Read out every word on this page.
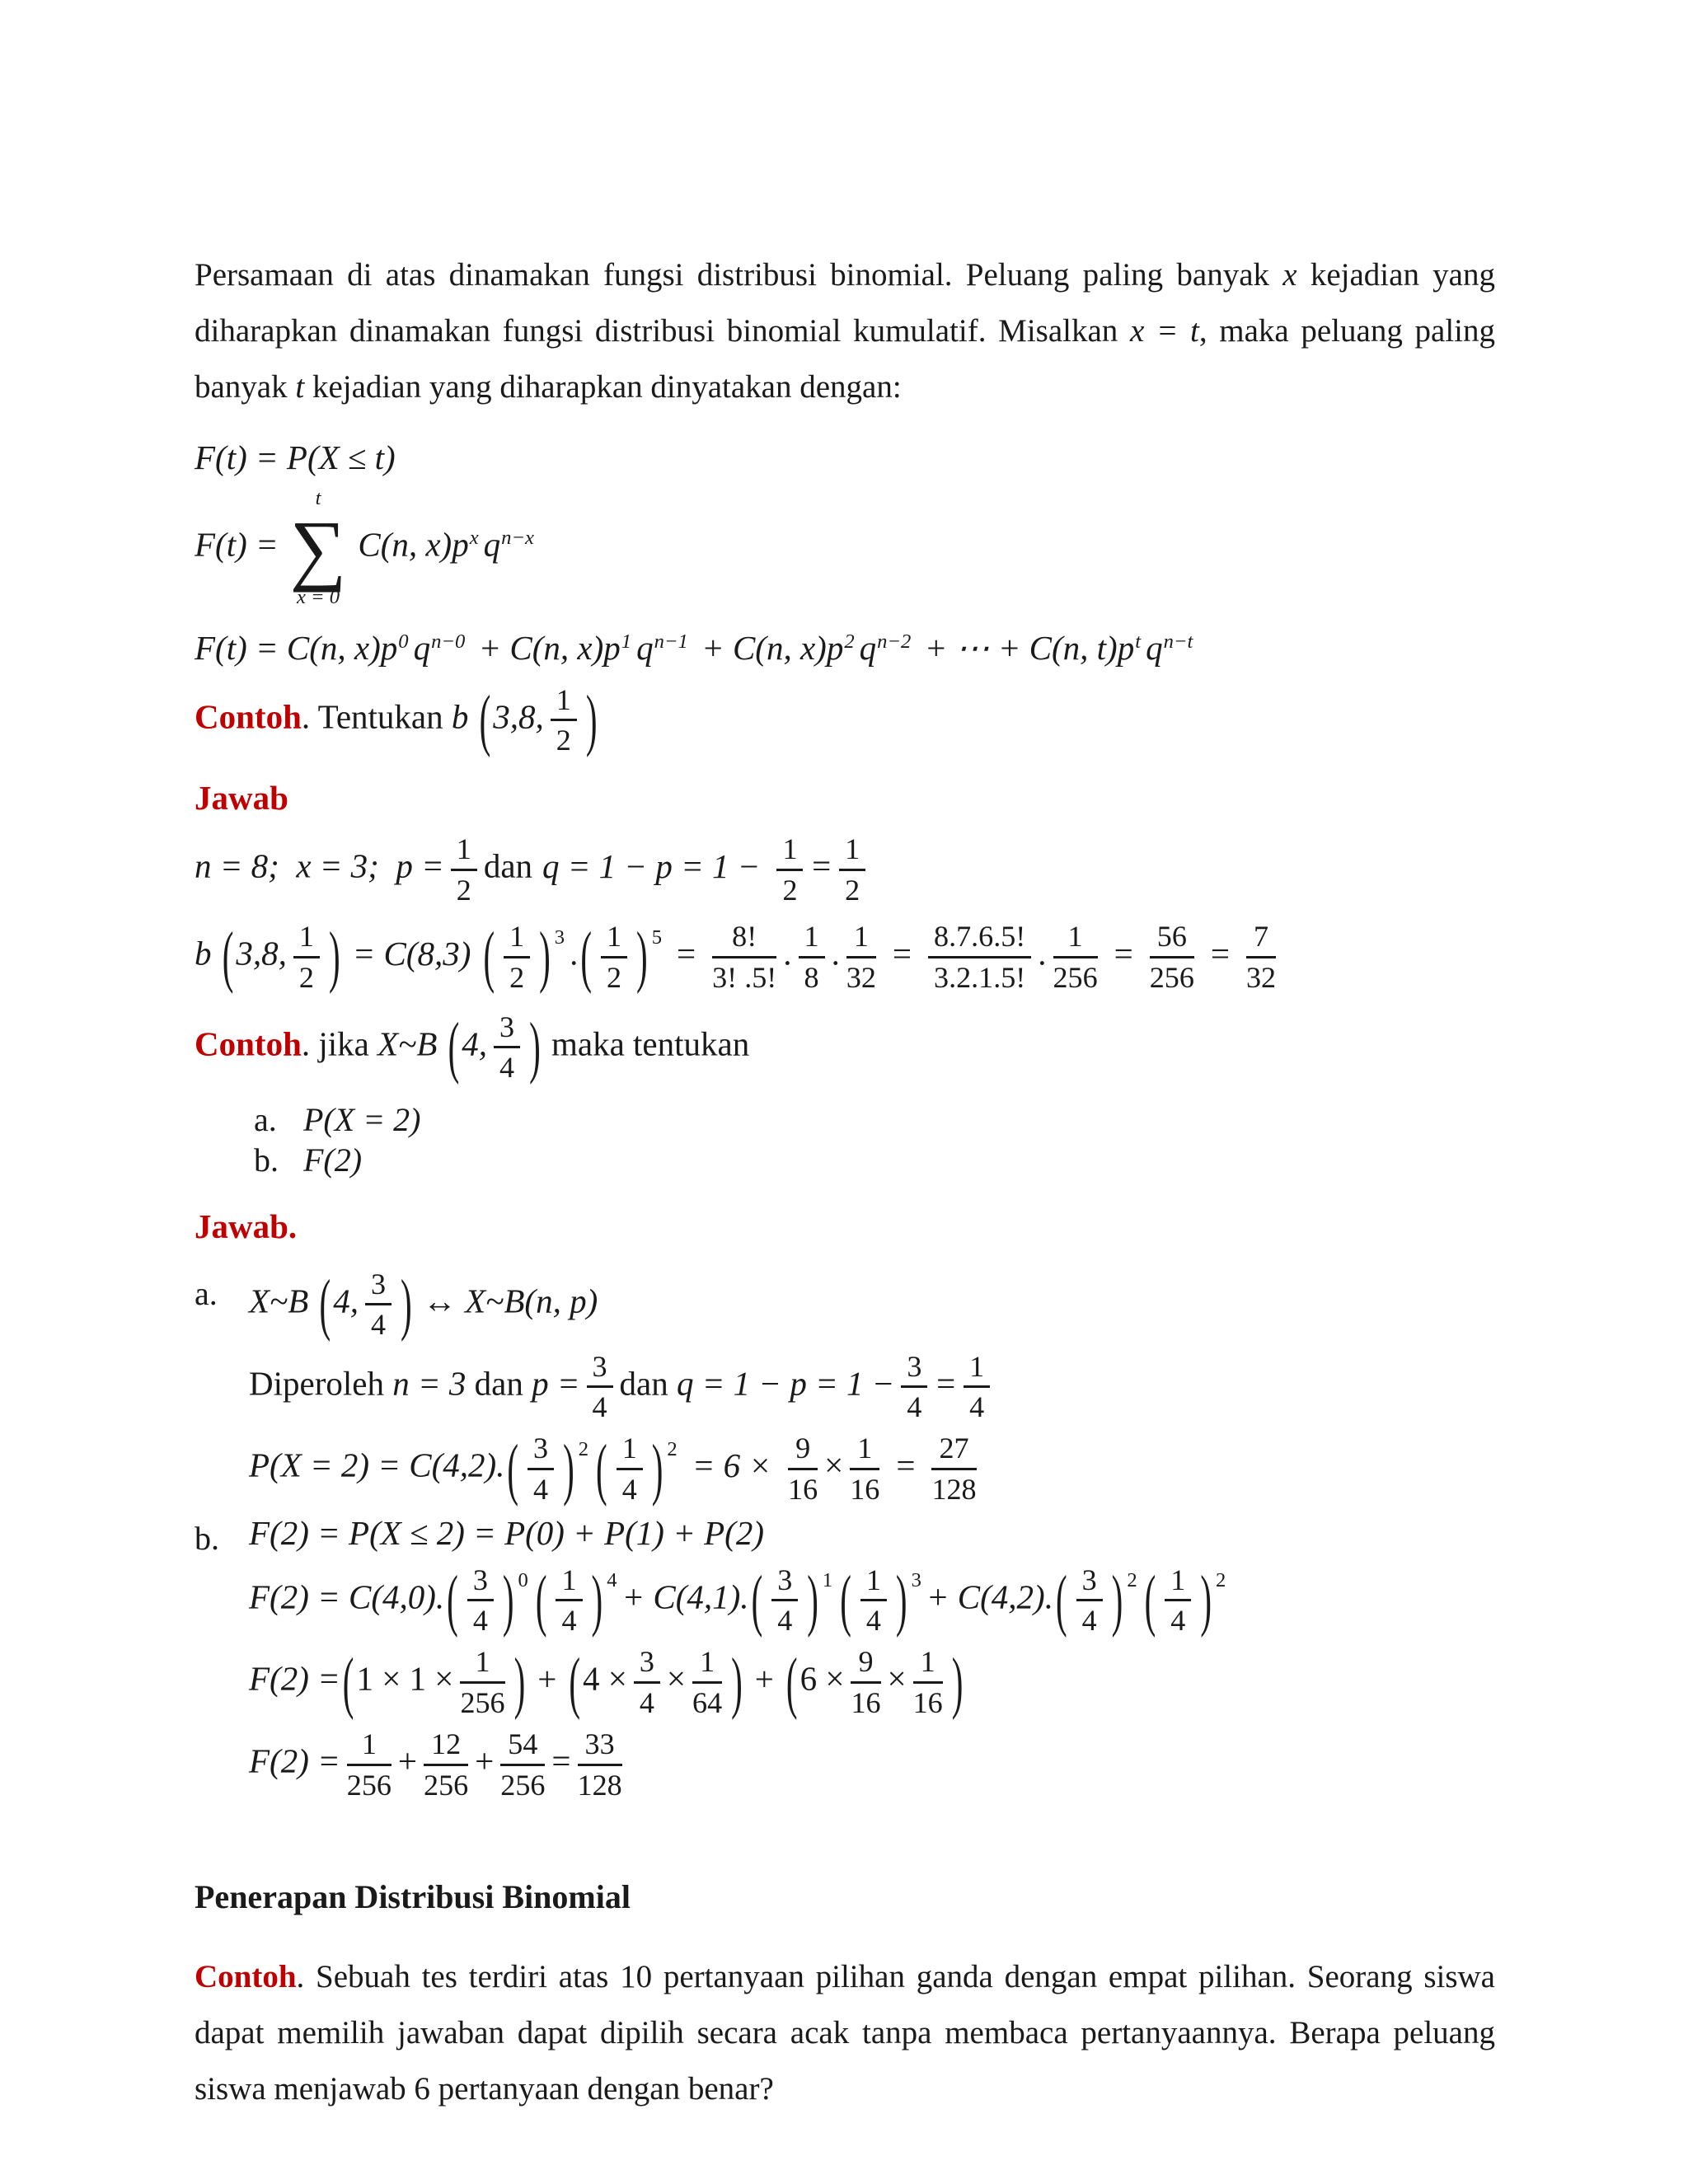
Persamaan di atas dinamakan fungsi distribusi binomial. Peluang paling banyak x kejadian yang diharapkan dinamakan fungsi distribusi binomial kumulatif. Misalkan x = t, maka peluang paling banyak t kejadian yang diharapkan dinyatakan dengan:

F(t) = P(X ≤ t)
F(t) =
t
∑
x = 0
C(n, $x)p^x$ $q^{n-x}$
F(t) = C(n, $x)p^0$ $q^{n-0} + C(n$, $x)p^1$ $q^{n-1} + C(n$, $x)p^2$ $q^{n-2}$ + ⋯ + C(n, $t)p^t$ $q^{n-t}$
Contoh. Tentukan b (3,8, $\frac{1}{2}$ )
Jawab
n = 8;  x = 3;  $p = \frac{1}{2}$ dan $q = 1 - p = 1 - \frac{1}{2} = \frac{1}{2}$
b (3,8, $\frac{1}{2}$ ) = C(8,3) ( $\frac{1}{2}$ ) 3 .( $\frac{1}{2}$ ) $5 = \frac{8!}{3! .5!}$ . $\frac{1}{8}$ . $\frac{1}{32} = \frac{8.7.6.5!}{3.2.1.5!}$ . $\frac{1}{256} = \frac{56}{256} = \frac{7}{32}$
Contoh. jika X~B (4, $\frac{3}{4}$ ) maka tentukan
a. P(X = 2)
b. F(2)
Jawab.
a. X~B (4, $\frac{3}{4}$ ) ↔ X~B(n, p)
Diperoleh n = 3 dan $p = \frac{3}{4}$ dan $q = 1 - p = 1 - \frac{3}{4} = \frac{1}{4}$
$P(X = 2) = C(4,2).( \frac{3}{4}$ ) 2 ( $\frac{1}{4}$ ) $2 = 6 \times \frac{9}{16} \times \frac{1}{16} = \frac{27}{128}$
b. F(2) = P(X ≤ 2) = P(0) + P(1) + P(2)
$F(2) = C(4,0).( \frac{3}{4}$ ) 0 ( $\frac{1}{4}$ ) $4 + C(4,1).( \frac{3}{4}$ ) 1 ( $\frac{1}{4}$ ) $3 + C(4,2).( \frac{3}{4}$ ) 2 ( $\frac{1}{4}$ ) 2
$F(2) =(1 \times 1 \times \frac{1}{256}$ ) + ($4 \times \frac{3}{4} \times \frac{1}{64}$ ) + ($6 \times \frac{9}{16} \times \frac{1}{16}$ )
$F(2) = \frac{1}{256} + \frac{12}{256} + \frac{54}{256} = \frac{33}{128}$
Penerapan Distribusi Binomial

Contoh. Sebuah tes terdiri atas 10 pertanyaan pilihan ganda dengan empat pilihan. Seorang siswa dapat memilih jawaban dapat dipilih secara acak tanpa membaca pertanyaannya. Berapa peluang siswa menjawab 6 pertanyaan dengan benar?
